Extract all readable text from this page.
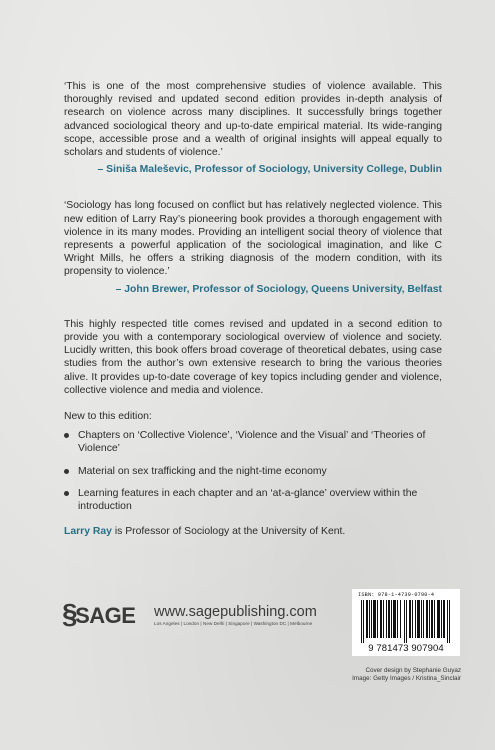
‘This is one of the most comprehensive studies of violence available. This thoroughly revised and updated second edition provides in-depth analysis of research on violence across many disciplines. It successfully brings together advanced sociological theory and up-to-date empirical material. Its wide-ranging scope, accessible prose and a wealth of original insights will appeal equally to scholars and students of violence.’

– Siniša Maleševic, Professor of Sociology, University College, Dublin

‘Sociology has long focused on conflict but has relatively neglected violence. This new edition of Larry Ray’s pioneering book provides a thorough engagement with violence in its many modes. Providing an intelligent social theory of violence that represents a powerful application of the sociological imagination, and like C Wright Mills, he offers a striking diagnosis of the modern condition, with its propensity to violence.’

– John Brewer, Professor of Sociology, Queens University, Belfast

This highly respected title comes revised and updated in a second edition to provide you with a contemporary sociological overview of violence and society. Lucidly written, this book offers broad coverage of theoretical debates, using case studies from the author’s own extensive research to bring the various theories alive. It provides up-to-date coverage of key topics including gender and violence, collective violence and media and violence.

New to this edition:

Chapters on ‘Collective Violence’, ‘Violence and the Visual’ and ‘Theories of Violence’
Material on sex trafficking and the night-time economy
Learning features in each chapter and an ‘at-a-glance’ overview within the introduction

Larry Ray is Professor of Sociology at the University of Kent.

§SAGE www.sagepublishing.com
Los Angeles | London | New Delhi | Singapore | Washington DC | Melbourne
ISBN: 978-1-4739-0790-4
9 781473 907904
Cover design by Stephanie Guyaz
Image: Getty Images / Kristina_Sinclair
